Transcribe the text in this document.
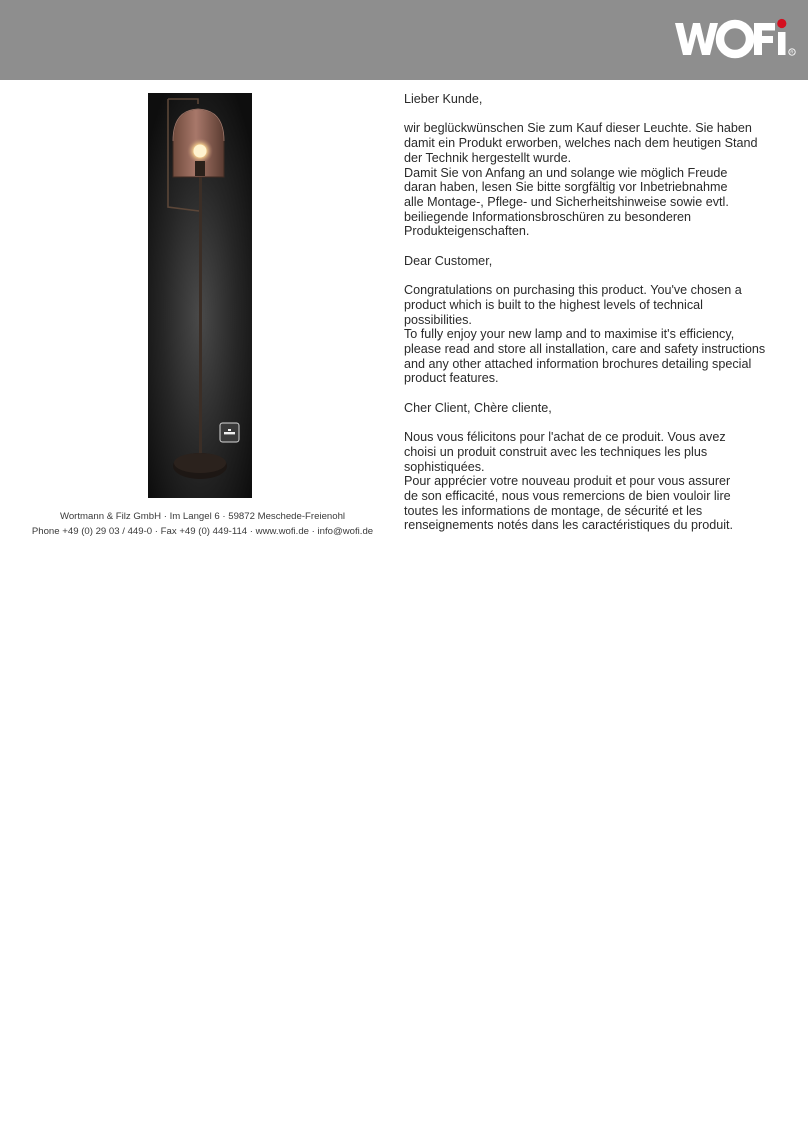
R
Wortmann & Filz GmbH · Im Langel 6 · 59872 Meschede-Freienohl
Phone +49 (0) 29 03 / 449-0 · Fax +49 (0) 449-114 · www.wofi.de · info@wofi.de

Lieber Kunde,

wir beglückwünschen Sie zum Kauf dieser Leuchte. Sie haben
damit ein Produkt erworben, welches nach dem heutigen Stand
der Technik hergestellt wurde.
Damit Sie von Anfang an und solange wie möglich Freude
daran haben, lesen Sie bitte sorgfältig vor Inbetriebnahme
alle Montage-, Pflege- und Sicherheitshinweise sowie evtl.
beiliegende Informationsbroschüren zu besonderen
Produkteigenschaften.

Dear Customer,

Congratulations on purchasing this product. You've chosen a
product which is built to the highest levels of technical
possibilities.
To fully enjoy your new lamp and to maximise it's efficiency,
please read and store all installation, care and safety instructions
and any other attached information brochures detailing special
product features.

Cher Client, Chère cliente,

Nous vous félicitons pour l'achat de ce produit. Vous avez
choisi un produit construit avec les techniques les plus
sophistiquées.
Pour apprécier votre nouveau produit et pour vous assurer
de son efficacité, nous vous remercions de bien vouloir lire
toutes les informations de montage, de sécurité et les
renseignements notés dans les caractéristiques du produit.
